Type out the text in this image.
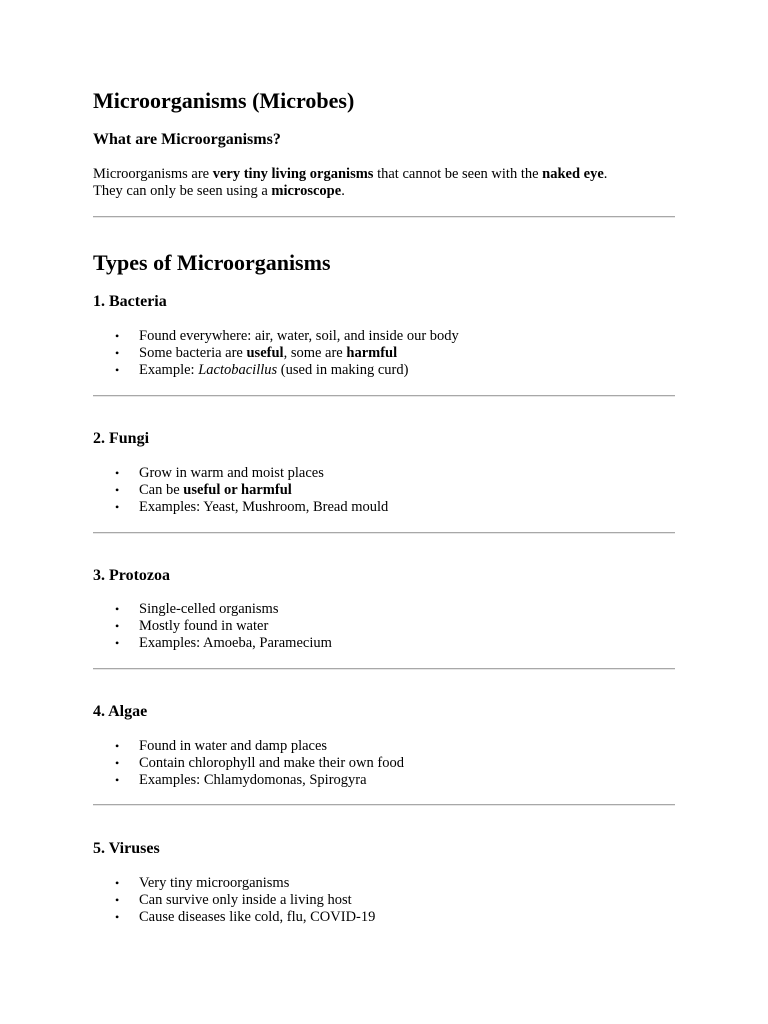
Microorganisms (Microbes)
What are Microorganisms?

Microorganisms are very tiny living organisms that cannot be seen with the naked eye.

They can only be seen using a microscope.

Types of Microorganisms
1. Bacteria
• Found everywhere: air, water, soil, and inside our body
• Some bacteria are useful, some are harmful
• Example: Lactobacillus (used in making curd)
2. Fungi
• Grow in warm and moist places
• Can be useful or harmful
• Examples: Yeast, Mushroom, Bread mould
3. Protozoa
• Single-celled organisms
• Mostly found in water
• Examples: Amoeba, Paramecium
4. Algae
• Found in water and damp places
• Contain chlorophyll and make their own food
• Examples: Chlamydomonas, Spirogyra
5. Viruses
• Very tiny microorganisms
• Can survive only inside a living host
• Cause diseases like cold, flu, COVID-19
